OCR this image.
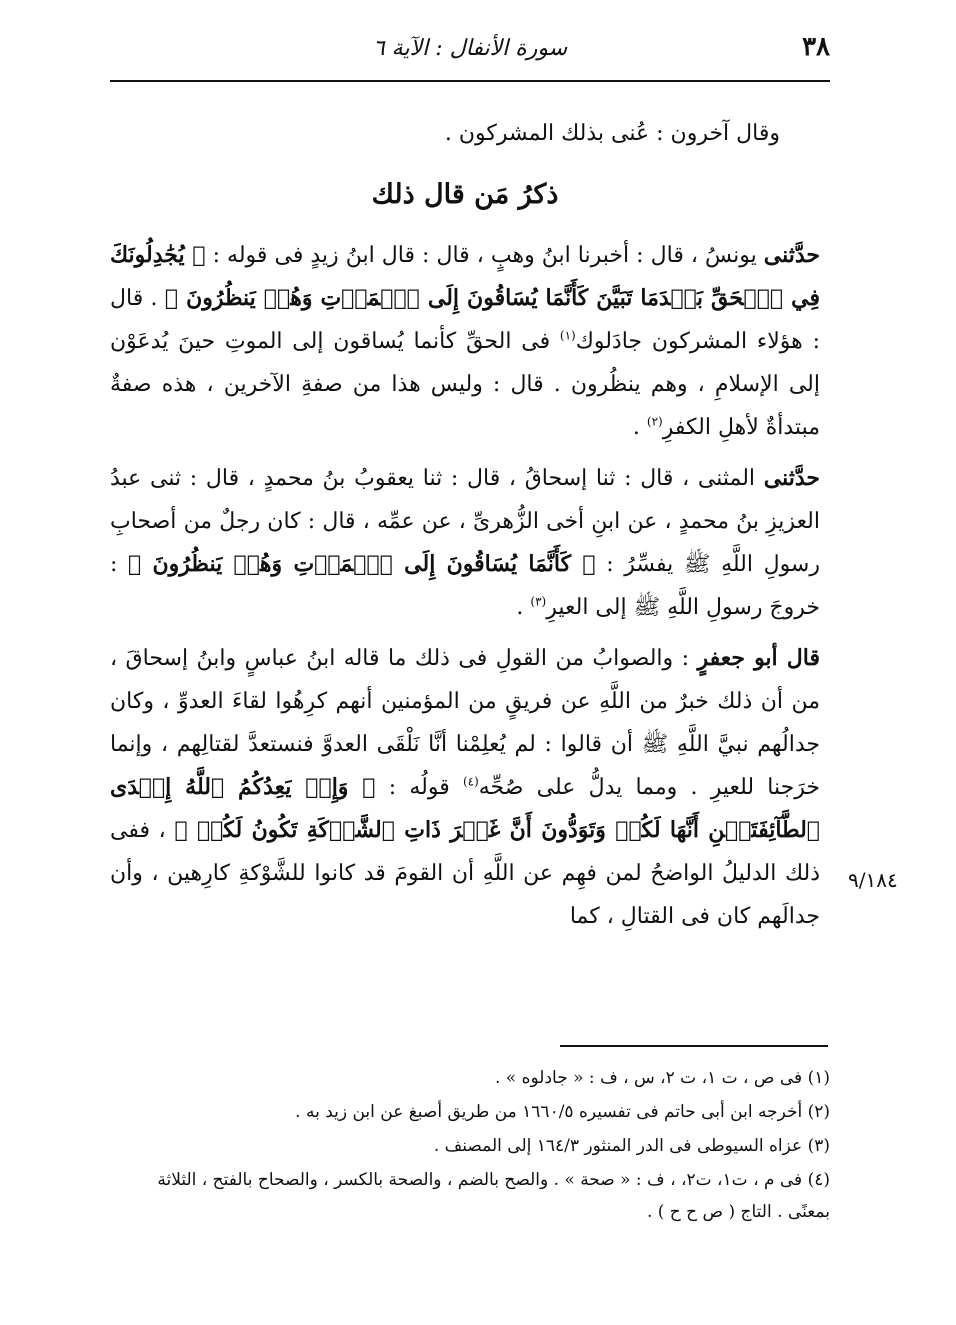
٣٨
سورة الأنفال : الآية ٦

وقال آخرون : عُنى بذلك المشركون .

ذكرُ مَن قال ذلك

حدَّثنى يونسُ ، قال : أخبرنا ابنُ وهبٍ ، قال : قال ابنُ زيدٍ فى قوله : ﴿ يُجَٰدِلُونَكَ فِي ٱلۡحَقِّ بَعۡدَمَا تَبَيَّنَ كَأَنَّمَا يُسَاقُونَ إِلَى ٱلۡمَوۡتِ وَهُمۡ يَنظُرُونَ ﴾ . قال : هؤلاء المشركون جادَلوك$^{(١)}$ فى الحقِّ كأنما يُساقون إلى الموتِ حينَ يُدعَوْن إلى الإسلامِ ، وهم ينظُرون . قال : وليس هذا من صفةِ الآخرين ، هذه صفةٌ مبتدأةٌ لأهلِ الكفرِ$^{(٢)}$ .

حدَّثنى المثنى ، قال : ثنا إسحاقُ ، قال : ثنا يعقوبُ بنُ محمدٍ ، قال : ثنى عبدُ العزيزِ بنُ محمدٍ ، عن ابنِ أخى الزُّهرىِّ ، عن عمِّه ، قال : كان رجلٌ من أصحابِ رسولِ اللَّهِ ﷺ يفسِّرُ : ﴿ كَأَنَّمَا يُسَاقُونَ إِلَى ٱلۡمَوۡتِ وَهُمۡ يَنظُرُونَ ﴾ : خروجَ رسولِ اللَّهِ ﷺ إلى العيرِ$^{(٣)}$ .

قال أبو جعفرٍ : والصوابُ من القولِ فى ذلك ما قاله ابنُ عباسٍ وابنُ إسحاقَ ، من أن ذلك خبرٌ من اللَّهِ عن فريقٍ من المؤمنين أنهم كرِهُوا لقاءَ العدوِّ ، وكان جدالُهم نبيَّ اللَّهِ ﷺ أن قالوا : لم يُعلِمْنا أنَّا نَلْقَى العدوَّ فنستعدَّ لقتالِهم ، وإنما خرَجنا للعيرِ . ومما يدلُّ على صُحِّه$^{(٤)}$ قولُه : ﴿ وَإِذۡ يَعِدُكُمُ ٱللَّهُ إِحۡدَى ٱلطَّآئِفَتَيۡنِ أَنَّهَا لَكُمۡ وَتَوَدُّونَ أَنَّ غَيۡرَ ذَاتِ ٱلشَّوۡكَةِ تَكُونُ لَكُمۡ ﴾ ، ففى ذلك الدليلُ الواضحُ لمن فهِم عن اللَّهِ أن القومَ قد كانوا للشَّوْكةِ كارِهين ، وأن جدالَهم كان فى القتالِ ، كما

٩/١٨٤
(١) فى ص ، ت ١، ت ٢، س ، ف : « جادلوه » .
(٢) أخرجه ابن أبى حاتم فى تفسيره ١٦٦٠/٥ من طريق أصبغ عن ابن زيد به .
(٣) عزاه السيوطى فى الدر المنثور ١٦٤/٣ إلى المصنف .
(٤) فى م ، ت١، ت٢، ، ف : « صحة » . والصح بالضم ، والصحة بالكسر ، والصحاح بالفتح ، الثلاثة بمعنًى . التاج ( ص ح ح ) .
